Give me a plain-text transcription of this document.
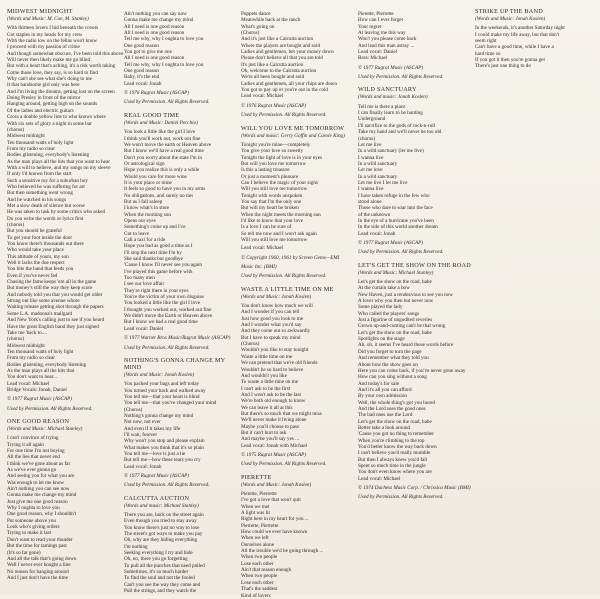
MIDWEST MIDNIGHT
(Words and Music: M. Coe, M. Stanley)
With thirteen lovers I hid beneath the covers
Got staples in my heads for my crew
With the radio low on the fellas won't know
I proceed with my passion of crime
And though somewhat obscure, I've been told this above
Will never then likely make me go blind
But with a heart that's aching, it's a risk worth taking
Come those love, they say, is so hard to find
Why can't she see what she's doing to me
It that handsome girl only was here
And I'm living the dreams, getting lost on the screen
Doing Presley in front of the mirror
Hanging around, getting high on the sounds
Of the ladies and electric guitars
Cross a double yellow line to who knows where
With six sets of glory a night in some bar
(chorus)
Midwest midnight
Ten thousand watts of holy light
From my radio so clear
Bodies glistening, everybody's listening
As the man plays all the hits that you want to hear
With a will to believe, and my songs on my sleeve
If only I'd known from the start
Such a sensitive toy for a suburban boy
Who believed he was suffering for art
But then something went wrong
And he watched in his songs
Met a slow death of silence but worse
He was taken to task by some critics who asked
Do you write the words or lyrics first
(chorus)
But you should be grateful
To get your foot inside the door
You know there's thousands out there
Who would take your place
This attitude of yours, my son
Well it lacks the due respect
You bite the hand that feeds you
Even if you've never fed
Chasing the fame keeps 'em all in the game
But money's still the way they keep score
And nobody told you that you would get older
Strung out like some avenue whore
Waiting release getting shot through the papers
Some L.A. madonna's mallgard
And New York's calling just to see if you heard
Have the great English band they just signed
Take me 'back to....
(chorus)
Midwest midnight
Ten thousand watts of holy light
From my radio so clear
Bodies glistening, everybody listening
As the man plays all the hits that
You don't want to hear...
Lead vocal: Michael
Bridge Vocals: Jonah, Daniel
© 1977 Rugrat Music (ASCAP)
Used by Permission. All Rights Reserved.
ONE GOOD REASON
(Words and Music: Michael Stanley)
I can't convince of trying
Trying it all again
For one time I'm not buying
All the lies that never end
I think we've gone about as far
As we've ever gonna go
And seeing you for what you are
Was enough to let me know
Ain't nothing you can see now
Gonna make me change my mind
Just give me one good reason
Why I oughta to love you
One good reason, why I shouldn't
Put someone above you
Look who's giving orders
Trying to make it last
Don't want to read your thunder
But the time for tamings past
(It's so far gone)
And all the talk that's going down
Well I never ever bought a line
No reason for hanging around
And I just don't have the time
Ain't nothing you can say now
Gonna make me change my mind
All I need is one good reason
All I need is one good reason
Tell me why, why I oughta to love you
One good reason
You got to give me one
All I need is one good reason
Tell me why, why I oughta to love you
One good reason
Baby, it's the end
Lead vocal: Jonah
© 1976 Rugrat Music (ASCAP)
Used by Permission. All Rights Reserved.
REAL GOOD TIME
(Words and Music: Daniel Pecchio)
You look a little like the girl I love
I think you'll work out, work out fine
We won't move the earth or Heaven above
But I know we'll have a real good time
Don't you worry about the state I'm in
Or astrological sign
Hope you realize this is only a while
Would you care for more wine
It is your place or mine
It feels so good to have you in my arms
No obligations, and surely no ties
But as I fall asleep
I know what's in store
When the morning sun
Opens our eyes
Something's come up and I've
Got to leave
Call a taxi for a ride
Hope you had as good a time as I
I'll stop the next time I'm by
She said thanks but goodbye
'Cause I know I'll never see you again
I've played this game before with
Too many men
I see our love affair
They're right there in your eyes
You're the victim of your own disguise
You looked a little like the girl I love
I thought you worked out, worked out fine
We didn't move the Earth or Heaven above
But I know we had a real good time
Lead vocal: Daniel
© 1977 Warner Bros Music/Rugrat Music (ASCAP)
Used by Permission. All Rights Reserved.
NOTHING'S GONNA CHANGE MY MIND
(Words and Music: Jonah Koslen)
You packed your bags and left today
You turned your back and walked away
You tell me—that your heart is blind
You tell me—that you've changed your mind
(Chorus)
Nothing's gonna change my mind
Not now, not ever
And even if it takes my life
I'll wait, forever
Why won't you stop and please explain
What makes you think that it's so plain
You tell me—love is just a lie
But tell me—how these tears you cry
Lead vocal: Jonah
© 1977 Rugrat Music (ASCAP)
Used by Permission. All Rights Reserved.
CALCUTTA AUCTION
(Words and music: Michael Stanley)
There you are, back on the street again
Even though you tried to stay away
You know there's just no way to lose
The street's got ways to make you pay
Oh, why are they hiding everything
I'm nothing
Seeking everything I try and hide
Oh, no, there you go forgetting
To pull all the punches that need pulled
Sometimes, it's so much harder
To find the soul and not the fooled
Can't you see the way they come and
Pull the strings, and they watch the
Puppets dance
Meanwhile back at the ranch
What's going on
(Chorus)
And it's just like a Calcutta auction
Where the players are bought and sold
Ladies and gentlemen, bet your money down
Please don't believe all that you are told
It's just like a Calcutta auction
Oh, welcome to the Calcutta auction
We're all been bought and sold
Ladies and gentlemen, all your chips are down
You got to pay up or you're out in the cold
Lead vocal: Michael
© 1976 Rugrat Music (ASCAP)
Used by Permission. All Rights Reserved.
WILL YOU LOVE ME TOMORROW
(Words and music: Gerry Goffin and Carole King)
Tonight you're mine—completely
You give your love so sweetly
Tonight the light of love is in your eyes
But will you love me tomorrow
Is this a lasting treasure
Or just a moment's pleasure
Can I believe the magic of your sighs
Will you still love me tomorrow
Tonight with words unspoken
You say that I'm the only one
But will my heart be broken
When the night meets the morning sun
I'd like to know that your love
Is a love I can be sure of
So tell me now and I won't ask again
Will you still love me tomorrow
Lead vocal: Michael
© Copyright 1960, 1961 by Screen Gems—EMI
Music Inc. (BMI)
Used by Permission. All Rights Reserved.
WASTE A LITTLE TIME ON ME
(Words and Music: Jonah Koslen)
You don't know how much we will
And I wonder if you can tell
Just how good you look to me
And I wonder what you'd say
And they come out so awkwardly
But I have to speak my mind
(Chorus)
Wouldn't you like to stay tonight
Waste a little time on me
We can pretend that we're old friends
Wouldn't be so hard to believe
And wouldn't you like
To waste a little time on me
I can't ask to be the first
And I won't ask to be the last
We're both old enough to know
We can leave it all at this
But there's so much that we might miss
We'll never make it living alone
Maybe you'll choose to pass
But it can't hurt to ask
And maybe you'll say yes ...
Lead vocal: Jonah with Michael
© 1975 Rugrat Music (ASCAP)
Used by Permission. All Rights Reserved.
PIERETTE
(Words and Music: Jonah Koslen)
Pierette, Pierrette
I've got a love that won't quit
When we met
A light was lit
Right here in my heart for you ...
Pierrette, Pierrette
How could we ever have known
When we left
Ourselves alone
All the trouble we'd be going through ...
When two people
Lose each other
Ain't that reason enough
When two people
Lose each other
That's the saddest
Kind of lovers
Pierette, Pierrette
How can I ever forget
Your regret
At leaving me this way
Won't you please come back
And lead this man astray ...
Lead vocal: Daniel
Bass: Michael
© 1977 Rugrat Music (ASCAP)
Used by Permission. All Rights Reserved.
WILD SANCTUARY
(Words and music: Jonah Koslen)
Tell me is there a place
I can finally learn to be hunting
Underground
I'll sacrifice to the gods of rock-n-roll
Take my hand and we'll never be too old
(chorus)
Let me live
In a wild sanctuary (let me live)
I wanna live
In a wild sanctuary
Let me love
In a wild sanctuary
Let me live I let me live
I wanna live
I have taken refuge in the few who
stood alone
Those who dare to soar into the face
of the unknown
In the eye of a hurricane you've been
In the side of this world another dream
Lead vocal: Jonah
© 1977 Rugrat Music (ASCAP)
Used by Permission. All Rights Reserved.
LET'S GET THE SHOW ON THE ROAD
(Words and Music: Michael Stanley)
Let's get the show on the road, babe
At the curtain take a bow
New Haven, just a rendezvous to see you now
A lover why you then but never now
Some played the lady
Who called the players' songs
Just a figurine of ungodited reveries
Grown up-and-coming can't be that wrong
Let's get the show on the road, babe
Spotlights on the stage
Ah, oh, it seems I've heard those words before
Did you forget to turn the page
And remember what they told you
About how the show goes on
Here you can come back, if you've never gone away
How can you sing without a song
And today's for sale
And it's all you can afford
By your own admission
Well, the whole thing's got you bored
And the Lord uses the good ones
The bad ones use the Lord
Let's get the show on the road, babe
Better take a look around
'Cause you got no thing to remember
When you're climbing to the top
You'd better know the way back down
I can't believe you'd really mumble
But then I always knew you'd fall
Spent so much time in the jungle
You don't even know where you are
Lead vocal: Michael
© 1974 Duchess Music Corp. / Chrissica Music (BMI)
Used by Permission. All Rights Reserved.
STRIKE UP THE BAND
(Words and Music: Jonah Koslen)
In the weekends, it's another Saturday night
I could make my life away, but that don't
seem right
Can't have a good time, while I have a
hard time so
If you got it then you're gonna get
There's just one thing to do
